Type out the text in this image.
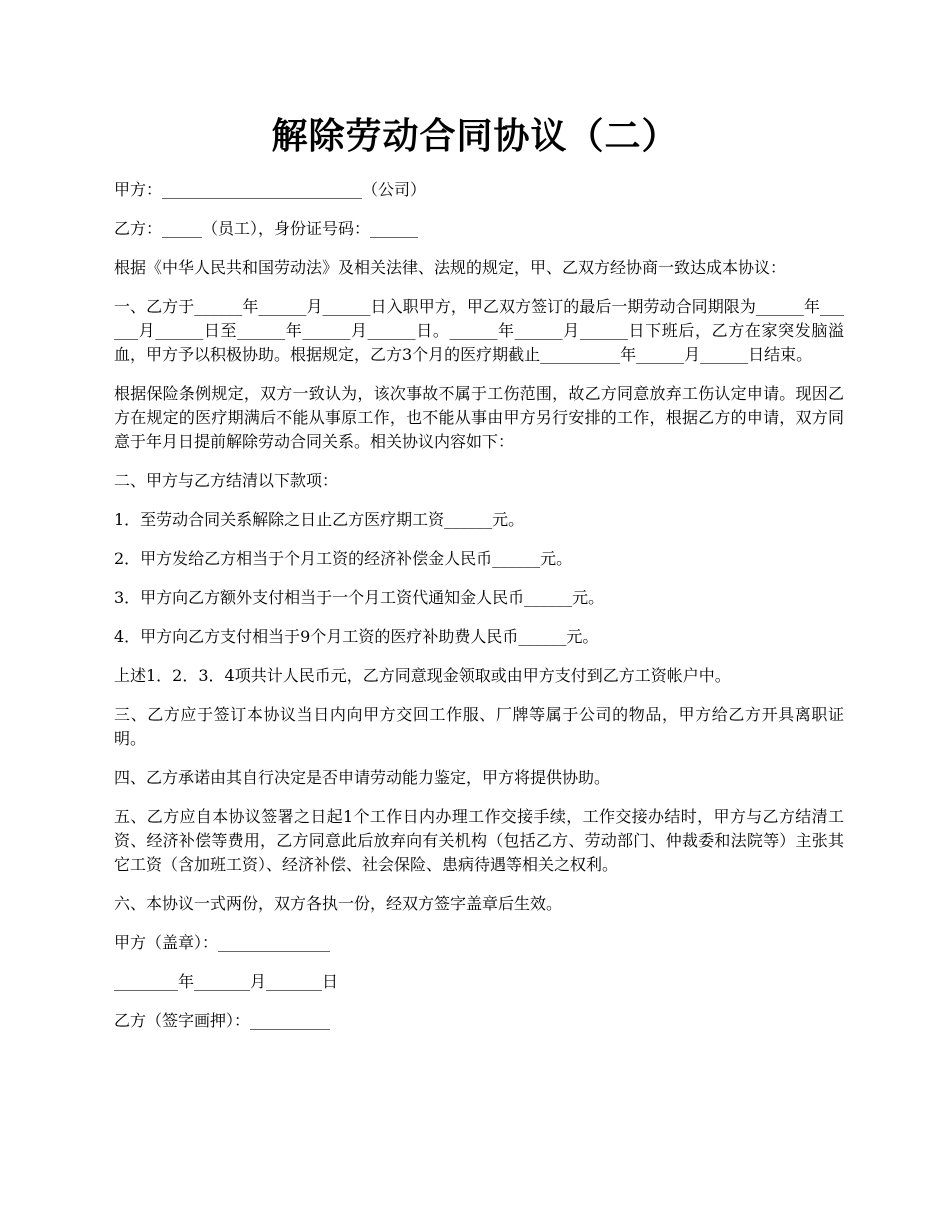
解除劳动合同协议（二）

甲方：_________________________（公司）

乙方：_____（员工），身份证号码：______

根据《中华人民共和国劳动法》及相关法律、法规的规定，甲、乙双方经协商一致达成本协议：

一、乙方于______年______月______日入职甲方，甲乙双方签订的最后一期劳动合同期限为______年______月______日至______年______月______日。______年______月______日下班后，乙方在家突发脑溢血，甲方予以积极协助。根据规定，乙方3个月的医疗期截止__________年______月______日结束。

根据保险条例规定，双方一致认为，该次事故不属于工伤范围，故乙方同意放弃工伤认定申请。现因乙方在规定的医疗期满后不能从事原工作，也不能从事由甲方另行安排的工作，根据乙方的申请，双方同意于年月日提前解除劳动合同关系。相关协议内容如下：

二、甲方与乙方结清以下款项：

1．至劳动合同关系解除之日止乙方医疗期工资______元。

2．甲方发给乙方相当于个月工资的经济补偿金人民币______元。

3．甲方向乙方额外支付相当于一个月工资代通知金人民币______元。

4．甲方向乙方支付相当于9个月工资的医疗补助费人民币______元。

上述1．2．3．4项共计人民币元，乙方同意现金领取或由甲方支付到乙方工资帐户中。

三、乙方应于签订本协议当日内向甲方交回工作服、厂牌等属于公司的物品，甲方给乙方开具离职证明。

四、乙方承诺由其自行决定是否申请劳动能力鉴定，甲方将提供协助。

五、乙方应自本协议签署之日起1个工作日内办理工作交接手续，工作交接办结时，甲方与乙方结清工资、经济补偿等费用，乙方同意此后放弃向有关机构（包括乙方、劳动部门、仲裁委和法院等）主张其它工资（含加班工资）、经济补偿、社会保险、患病待遇等相关之权利。

六、本协议一式两份，双方各执一份，经双方签字盖章后生效。

甲方（盖章）：______________

________年_______月_______日

乙方（签字画押）：__________
